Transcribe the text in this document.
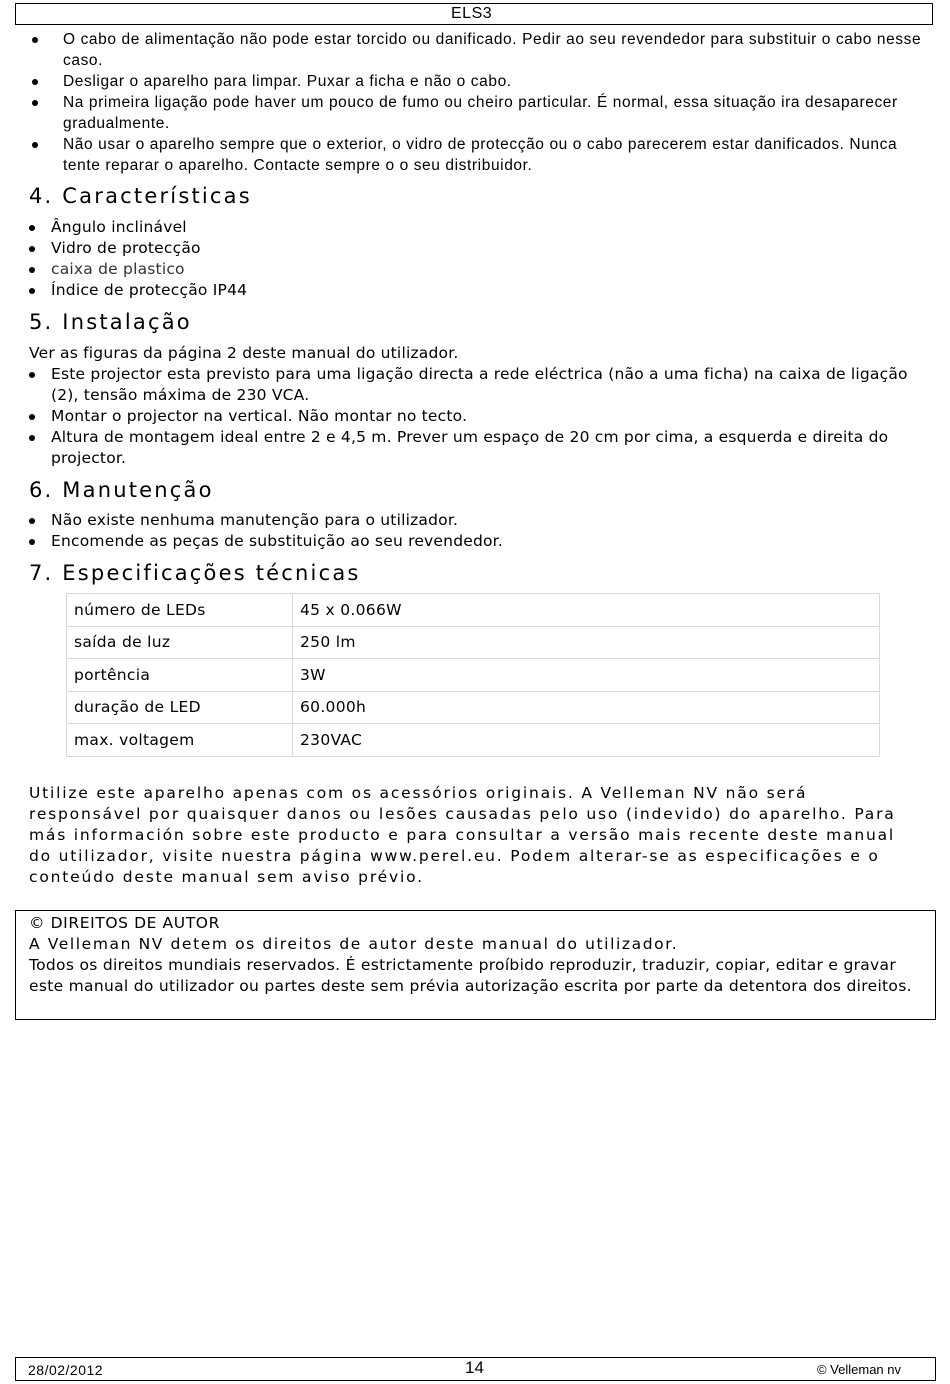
ELS3
O cabo de alimentação não pode estar torcido ou danificado. Pedir ao seu revendedor para substituir o cabo nesse caso.
Desligar o aparelho para limpar. Puxar a ficha e não o cabo.
Na primeira ligação pode haver um pouco de fumo ou cheiro particular. É normal, essa situação ira desaparecer gradualmente.
Não usar o aparelho sempre que o exterior, o vidro de protecção ou o cabo parecerem estar danificados. Nunca tente reparar o aparelho. Contacte sempre o o seu distribuidor.
4. Características
Ângulo inclinável
Vidro de protecção
caixa de plastico
Índice de protecção IP44
5. Instalação

Ver as figuras da página 2 deste manual do utilizador.

Este projector esta previsto para uma ligação directa a rede eléctrica (não a uma ficha) na caixa de ligação (2), tensão máxima de 230 VCA.
Montar o projector na vertical. Não montar no tecto.
Altura de montagem ideal entre 2 e 4,5 m. Prever um espaço de 20 cm por cima, a esquerda e direita do projector.
6. Manutenção
Não existe nenhuma manutenção para o utilizador.
Encomende as peças de substituição ao seu revendedor.
7. Especificações técnicas
número de LEDs	45 x 0.066W
saída de luz	250 lm
portência	3W
duração de LED	60.000h
max. voltagem	230VAC

Utilize este aparelho apenas com os acessórios originais. A Velleman NV não será responsável por quaisquer danos ou lesões causadas pelo uso (indevido) do aparelho. Para más información sobre este producto e para consultar a versão mais recente deste manual do utilizador, visite nuestra página www.perel.eu. Podem alterar-se as especificações e o conteúdo deste manual sem aviso prévio.

© DIREITOS DE AUTOR
A Velleman NV detem os direitos de autor deste manual do utilizador.
Todos os direitos mundiais reservados. É estrictamente proíbido reproduzir, traduzir, copiar, editar e gravar este manual do utilizador ou partes deste sem prévia autorização escrita por parte da detentora dos direitos.
28/02/2012	14	© Velleman nv
